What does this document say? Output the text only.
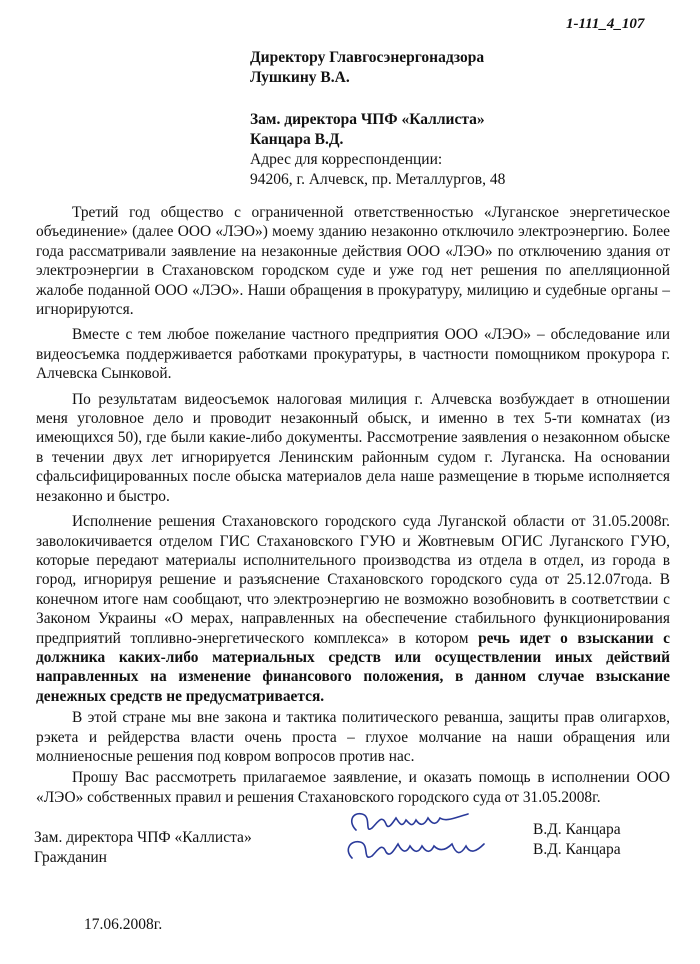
1-111_4_107
Директору Главгосэнергонадзора
Лушкину В.А.
Зам. директора ЧПФ «Каллиста»
Канцара В.Д.
Адрес для корреспонденции:
94206, г. Алчевск, пр. Металлургов, 48

Третий год общество с ограниченной ответственностью «Луганское энергетическое объединение» (далее ООО «ЛЭО») моему зданию незаконно отключило электроэнергию. Более года рассматривали заявление на незаконные действия ООО «ЛЭО» по отключению здания от электроэнергии в Стахановском городском суде и уже год нет решения по апелляционной жалобе поданной ООО «ЛЭО». Наши обращения в прокуратуру, милицию и судебные органы – игнорируются.

Вместе с тем любое пожелание частного предприятия ООО «ЛЭО» – обследование или видеосъемка поддерживается работками прокуратуры, в частности помощником прокурора г. Алчевска Сынковой.

По результатам видеосъемок налоговая милиция г. Алчевска возбуждает в отношении меня уголовное дело и проводит незаконный обыск, и именно в тех 5-ти комнатах (из имеющихся 50), где были какие-либо документы. Рассмотрение заявления о незаконном обыске в течении двух лет игнорируется Ленинским районным судом г. Луганска. На основании сфальсифицированных после обыска материалов дела наше размещение в тюрьме исполняется незаконно и быстро.

Исполнение решения Стахановского городского суда Луганской области от 31.05.2008г. заволокичивается отделом ГИС Стахановского ГУЮ и Жовтневым ОГИС Луганского ГУЮ, которые передают материалы исполнительного производства из отдела в отдел, из города в город, игнорируя решение и разъяснение Стахановского городского суда от 25.12.07года. В конечном итоге нам сообщают, что электроэнергию не возможно возобновить в соответствии с Законом Украины «О мерах, направленных на обеспечение стабильного функционирования предприятий топливно-энергетического комплекса» в котором речь идет о взыскании с должника каких-либо материальных средств или осуществлении иных действий направленных на изменение финансового положения, в данном случае взыскание денежных средств не предусматривается.

В этой стране мы вне закона и тактика политического реванша, защиты прав олигархов, рэкета и рейдерства власти очень проста – глухое молчание на наши обращения или молниеносные решения под ковром вопросов против нас.

Прошу Вас рассмотреть прилагаемое заявление, и оказать помощь в исполнении ООО «ЛЭО» собственных правил и решения Стахановского городского суда от 31.05.2008г.

Зам. директора ЧПФ «Каллиста»
Гражданин
В.Д. Канцара
В.Д. Канцара
17.06.2008г.
